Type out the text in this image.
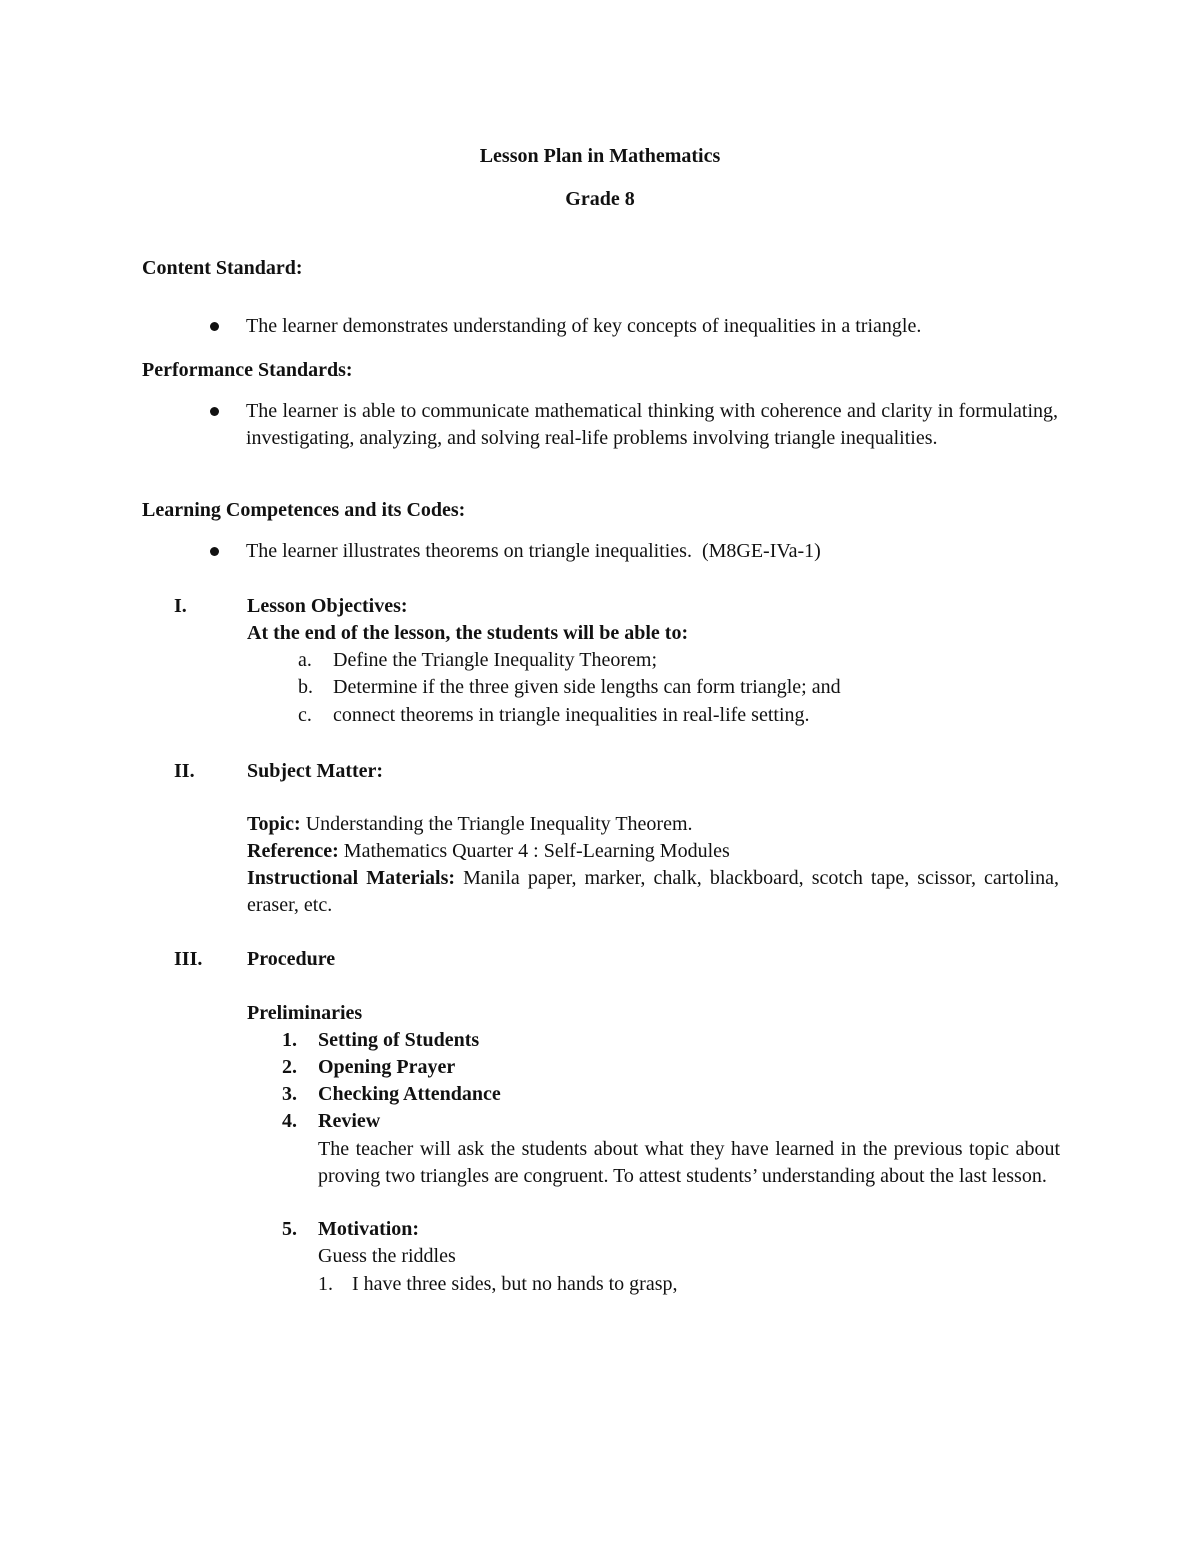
Lesson Plan in Mathematics
Grade 8
Content Standard:
The learner demonstrates understanding of key concepts of inequalities in a triangle.
Performance Standards:
The learner is able to communicate mathematical thinking with coherence and clarity in formulating, investigating, analyzing, and solving real-life problems involving triangle inequalities.
Learning Competences and its Codes:
The learner illustrates theorems on triangle inequalities.  (M8GE-IVa-1)
I.	Lesson Objectives:
At the end of the lesson, the students will be able to:
a. Define the Triangle Inequality Theorem;
b. Determine if the three given side lengths can form triangle; and
c. connect theorems in triangle inequalities in real-life setting.
II.	Subject Matter:
Topic: Understanding the Triangle Inequality Theorem.
Reference: Mathematics Quarter 4 : Self-Learning Modules
Instructional Materials: Manila paper, marker, chalk, blackboard, scotch tape, scissor, cartolina, eraser, etc.
III. Procedure
Preliminaries
1. Setting of Students
2. Opening Prayer
3. Checking Attendance
4. Review
The teacher will ask the students about what they have learned in the previous topic about proving two triangles are congruent. To attest students’ understanding about the last lesson.
5. Motivation:
Guess the riddles
1. I have three sides, but no hands to grasp,
